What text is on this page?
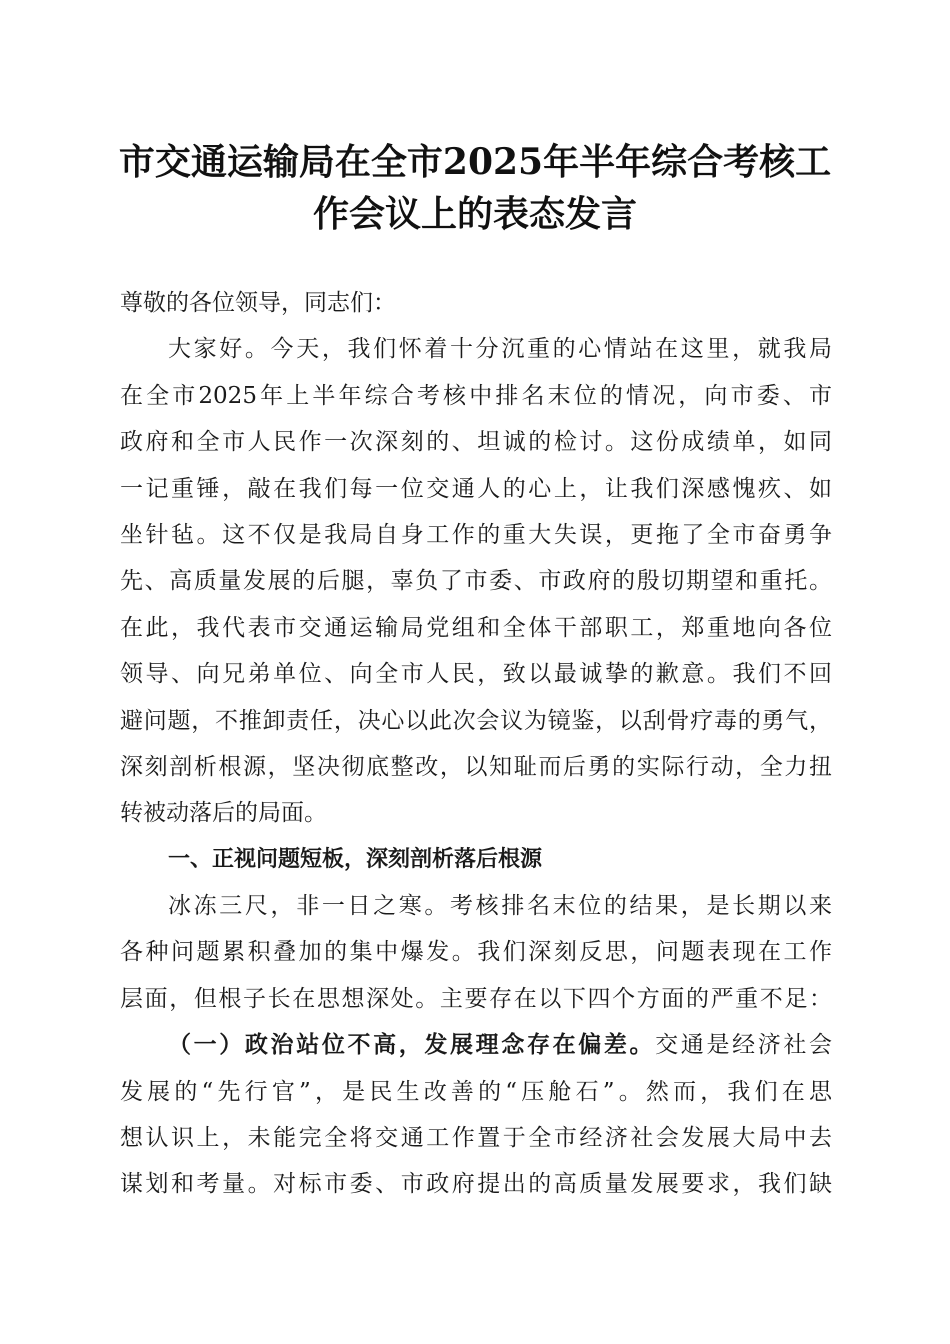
市交通运输局在全市2025年半年综合考核工
作会议上的表态发言
尊敬的各位领导，同志们：
大家好。今天，我们怀着十分沉重的心情站在这里，就我局
在全市2025年上半年综合考核中排名末位的情况，向市委、市
政府和全市人民作一次深刻的、坦诚的检讨。这份成绩单，如同
一记重锤，敲在我们每一位交通人的心上，让我们深感愧疚、如
坐针毡。这不仅是我局自身工作的重大失误，更拖了全市奋勇争
先、高质量发展的后腿，辜负了市委、市政府的殷切期望和重托。
在此，我代表市交通运输局党组和全体干部职工，郑重地向各位
领导、向兄弟单位、向全市人民，致以最诚挚的歉意。我们不回
避问题，不推卸责任，决心以此次会议为镜鉴，以刮骨疗毒的勇气，
深刻剖析根源，坚决彻底整改，以知耻而后勇的实际行动，全力扭
转被动落后的局面。
一、正视问题短板，深刻剖析落后根源
冰冻三尺，非一日之寒。考核排名末位的结果，是长期以来
各种问题累积叠加的集中爆发。我们深刻反思，问题表现在工作
层面，但根子长在思想深处。主要存在以下四个方面的严重不足：
（一）政治站位不高，发展理念存在偏差。交通是经济社会
发展的“先行官”，是民生改善的“压舱石”。然而，我们在思
想认识上，未能完全将交通工作置于全市经济社会发展大局中去
谋划和考量。对标市委、市政府提出的高质量发展要求，我们缺
